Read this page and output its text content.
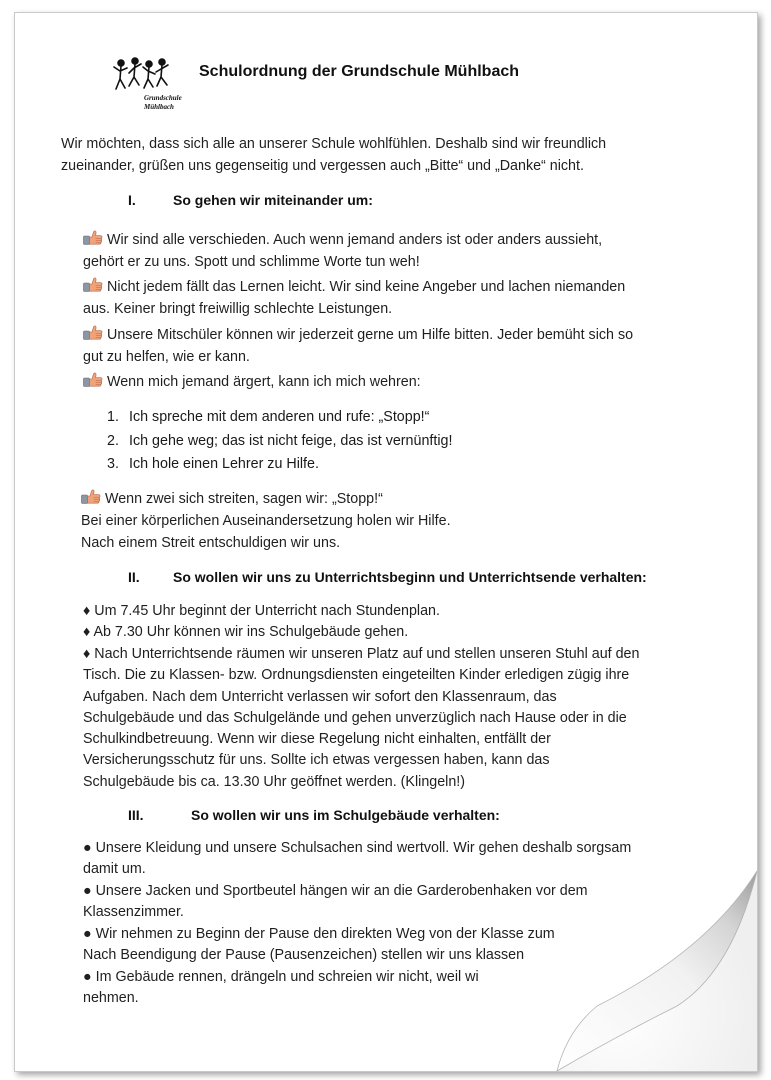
Grundschule
Mühlbach
Schulordnung der Grundschule Mühlbach

Wir möchten, dass sich alle an unserer Schule wohlfühlen. Deshalb sind wir freundlich

zueinander, grüßen uns gegenseitig und vergessen auch „Bitte“ und „Danke“ nicht.

I.	So gehen wir miteinander um:

Wir sind alle verschieden. Auch wenn jemand anders ist oder anders aussieht,

gehört er zu uns. Spott und schlimme Worte tun weh!

Nicht jedem fällt das Lernen leicht. Wir sind keine Angeber und lachen niemanden

aus. Keiner bringt freiwillig schlechte Leistungen.

Unsere Mitschüler können wir jederzeit gerne um Hilfe bitten. Jeder bemüht sich so

gut zu helfen, wie er kann.

Wenn mich jemand ärgert, kann ich mich wehren:

1. Ich spreche mit dem anderen und rufe: „Stopp!“
2. Ich gehe weg; das ist nicht feige, das ist vernünftig!
3. Ich hole einen Lehrer zu Hilfe.

Wenn zwei sich streiten, sagen wir: „Stopp!“

Bei einer körperlichen Auseinandersetzung holen wir Hilfe.

Nach einem Streit entschuldigen wir uns.

II. So wollen wir uns zu Unterrichtsbeginn und Unterrichtsende verhalten:

♦ Um 7.45 Uhr beginnt der Unterricht nach Stundenplan.

♦ Ab 7.30 Uhr können wir ins Schulgebäude gehen.

♦ Nach Unterrichtsende räumen wir unseren Platz auf und stellen unseren Stuhl auf den

Tisch. Die zu Klassen- bzw. Ordnungsdiensten eingeteilten Kinder erledigen zügig ihre

Aufgaben. Nach dem Unterricht verlassen wir sofort den Klassenraum, das

Schulgebäude und das Schulgelände und gehen unverzüglich nach Hause oder in die

Schulkindbetreuung. Wenn wir diese Regelung nicht einhalten, entfällt der

Versicherungsschutz für uns. Sollte ich etwas vergessen haben, kann das

Schulgebäude bis ca. 13.30 Uhr geöffnet werden. (Klingeln!)

III.	So wollen wir uns im Schulgebäude verhalten:

● Unsere Kleidung und unsere Schulsachen sind wertvoll. Wir gehen deshalb sorgsam

damit um.

● Unsere Jacken und Sportbeutel hängen wir an die Garderobenhaken vor dem

Klassenzimmer.

● Wir nehmen zu Beginn der Pause den direkten Weg von der Klasse zum

Nach Beendigung der Pause (Pausenzeichen) stellen wir uns klassen

● Im Gebäude rennen, drängeln und schreien wir nicht, weil wi

nehmen.
